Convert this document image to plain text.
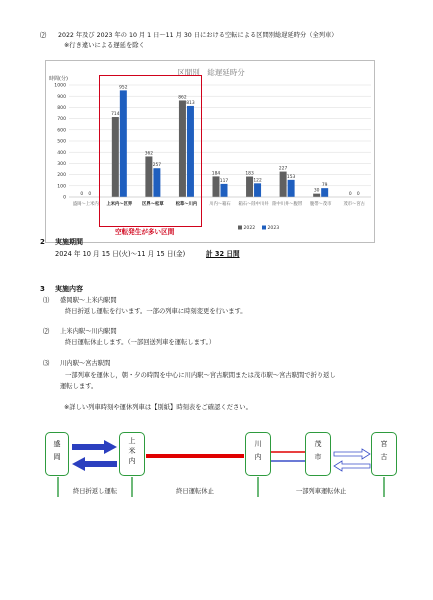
⑵ 2022 年及び 2023 年の 10 月 1 日～11 月 30 日における空転による区間別総遅延時分（全列車）
※行き違いによる遅延を除く
区間別　総遅延時分
時間(分)
0
100
200
300
400
500
600
700
800
900
1000
0 0
盛岡〜上米内
714
952
上米内〜区界
362
257
区界〜松草
862
813
松草〜川内
184
117
川内〜箱石
183
122
箱石〜陸中川井
227
153
陸中川井〜腹帯
30
79
腹帯〜茂市
0 0
茂市〜宮古
2022	2023
空転発生が多い区間
2 実施期間
2024 年 10 月 15 日(火)～11 月 15 日(金)	計 32 日間
3 実施内容
⑴ 盛岡駅～上米内駅間
終日折返し運転を行います。一部の列車に時刻変更を行います。
⑵ 上米内駅～川内駅間
終日運転休止します。（一部回送列車を運転します。）
⑶ 川内駅～宮古駅間
一部列車を運休し，朝・夕の時間を中心に川内駅～宮古駅間または茂市駅～宮古駅間で折り返し
運転します。
※詳しい列車時刻や運休列車は【別紙】時刻表をご確認ください。
終日折返し運転	終日運転休止	一部列車運転休止
盛
岡
上
米
内
川
内
茂
市
宮
古
